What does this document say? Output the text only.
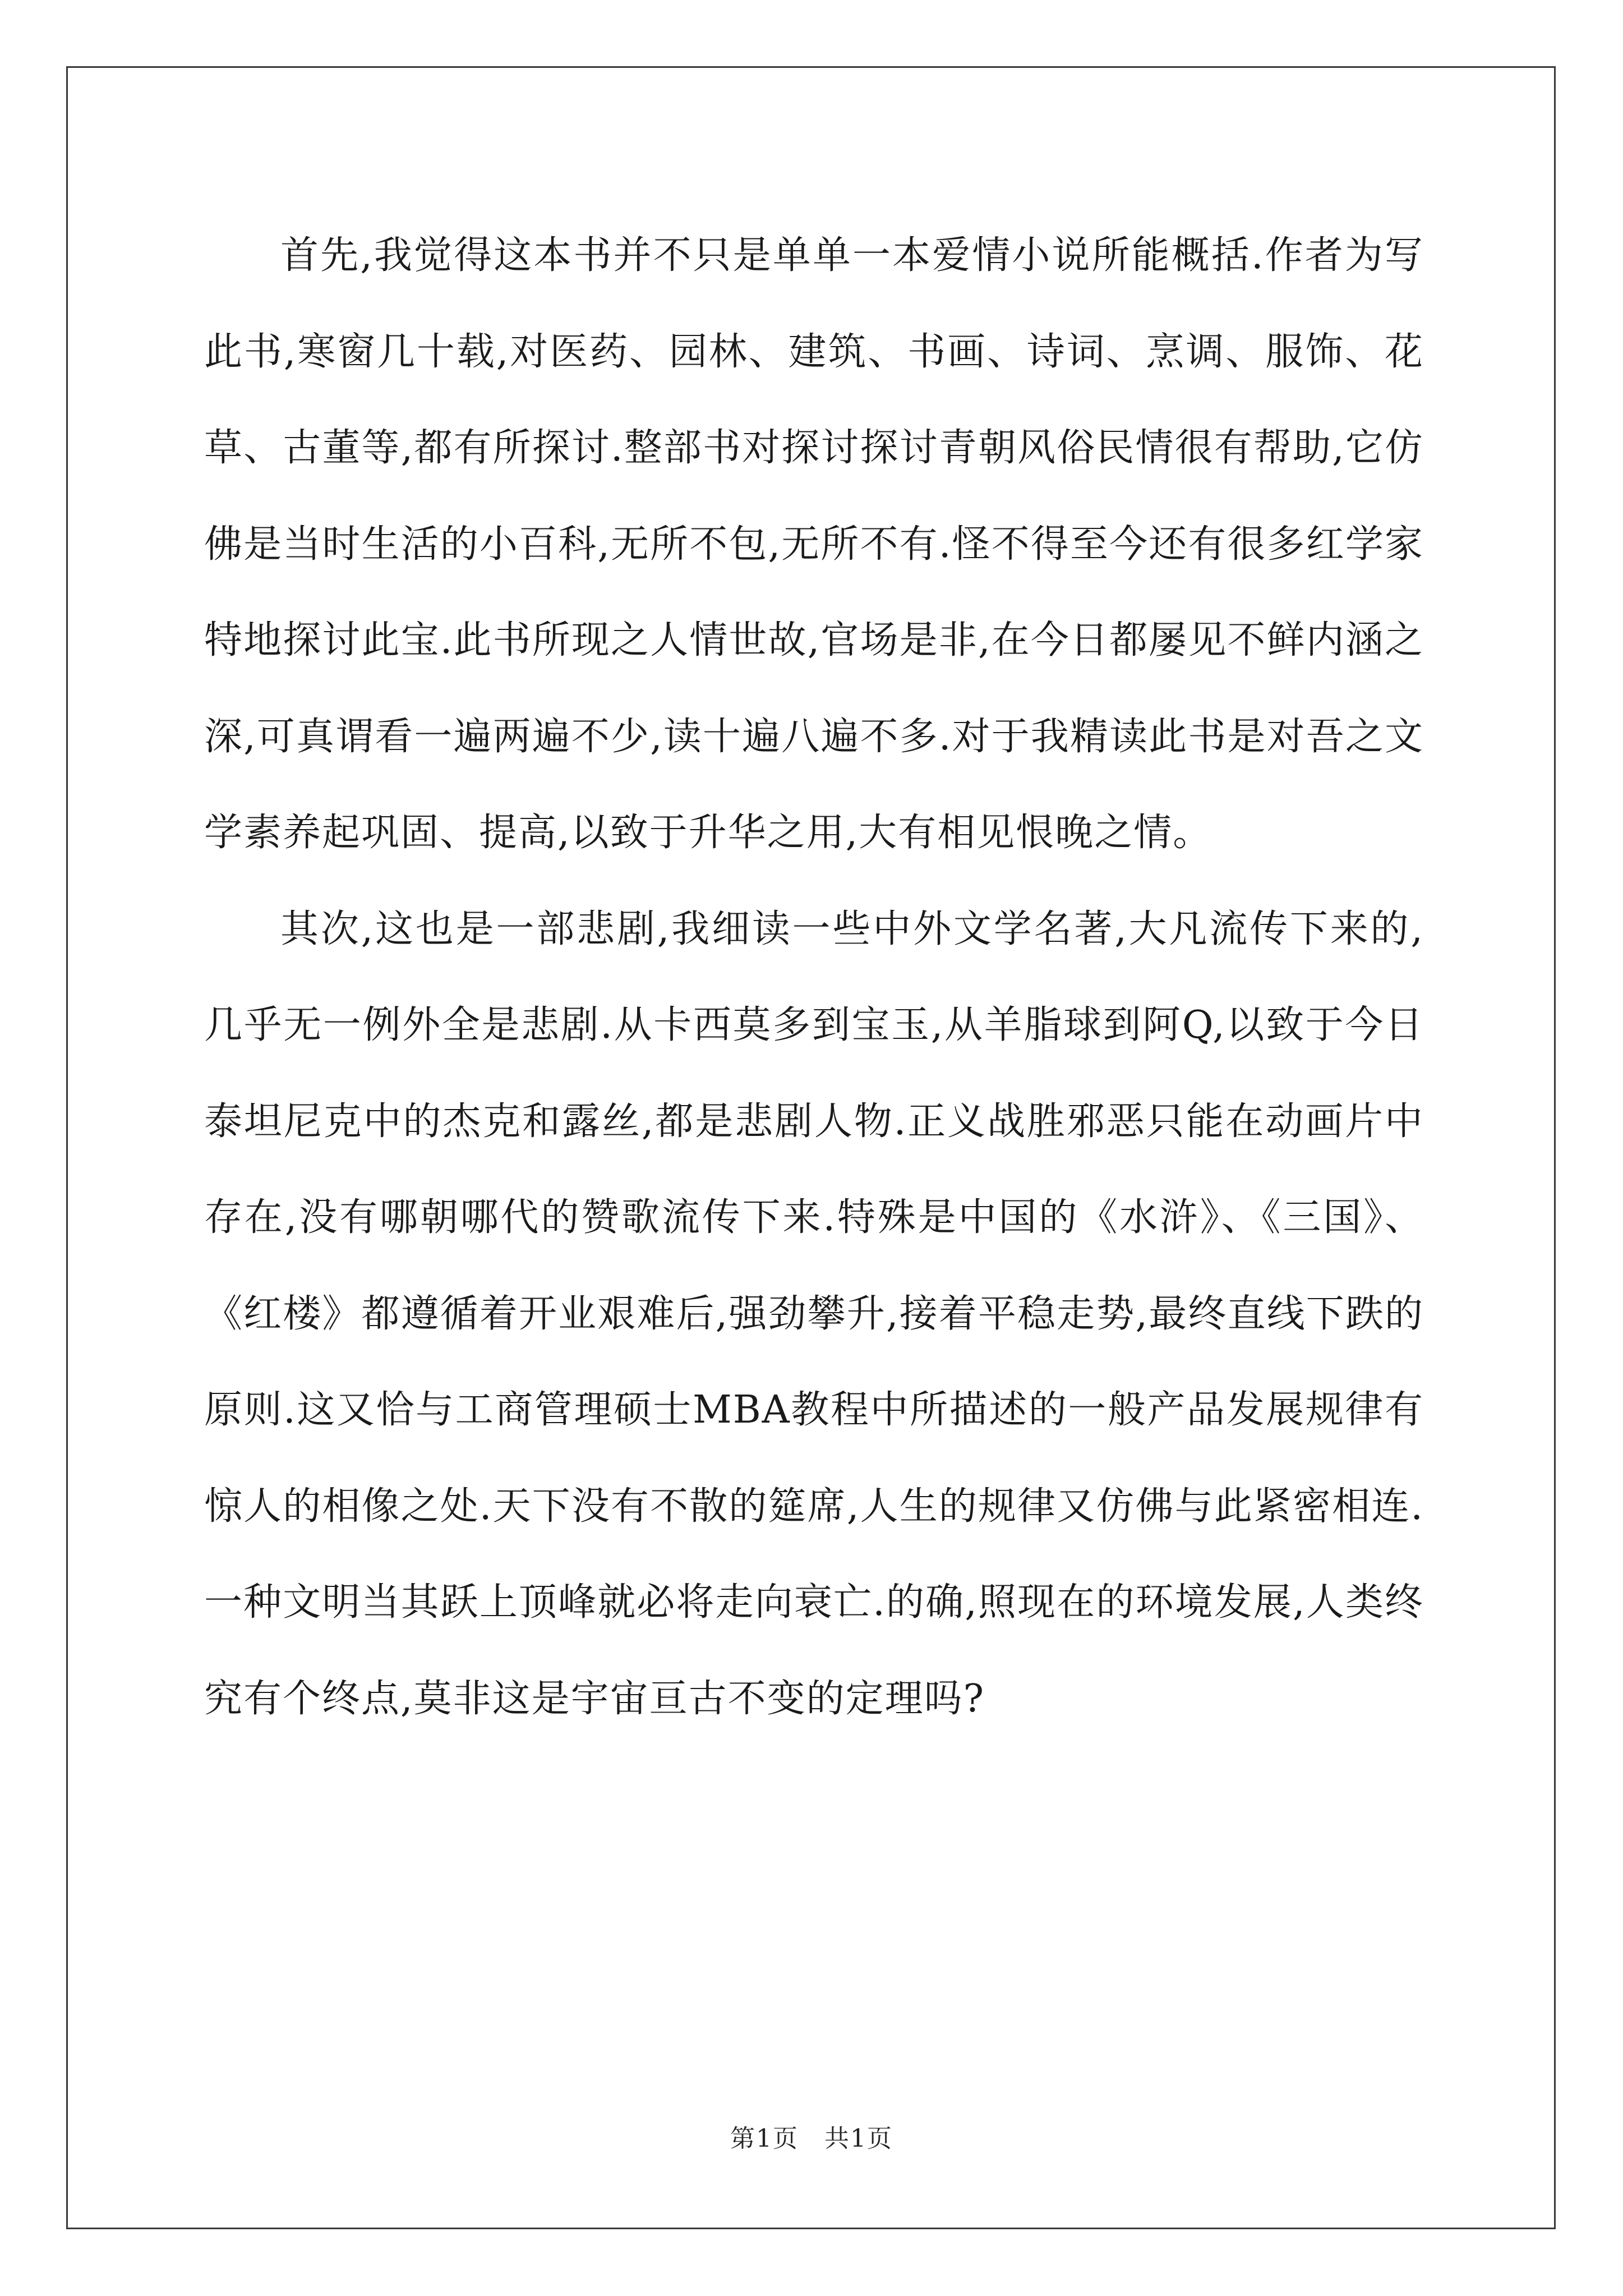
首先,我觉得这本书并不只是单单一本爱情小说所能概括.作者为写此书,寒窗几十载,对医药、园林、建筑、书画、诗词、烹调、服饰、花草、古董等,都有所探讨.整部书对探讨探讨青朝风俗民情很有帮助,它仿佛是当时生活的小百科,无所不包,无所不有.怪不得至今还有很多红学家特地探讨此宝.此书所现之人情世故,官场是非,在今日都屡见不鲜内涵之深,可真谓看一遍两遍不少,读十遍八遍不多.对于我精读此书是对吾之文学素养起巩固、提高,以致于升华之用,大有相见恨晚之情。

其次,这也是一部悲剧,我细读一些中外文学名著,大凡流传下来的,几乎无一例外全是悲剧.从卡西莫多到宝玉,从羊脂球到阿Q,以致于今日泰坦尼克中的杰克和露丝,都是悲剧人物.正义战胜邪恶只能在动画片中存在,没有哪朝哪代的赞歌流传下来.特殊是中国的《水浒》、《三国》、《红楼》都遵循着开业艰难后,强劲攀升,接着平稳走势,最终直线下跌的原则.这又恰与工商管理硕士MBA教程中所描述的一般产品发展规律有惊人的相像之处.天下没有不散的筵席,人生的规律又仿佛与此紧密相连.一种文明当其跃上顶峰就必将走向衰亡.的确,照现在的环境发展,人类终究有个终点,莫非这是宇宙亘古不变的定理吗?

第1页　共1页
